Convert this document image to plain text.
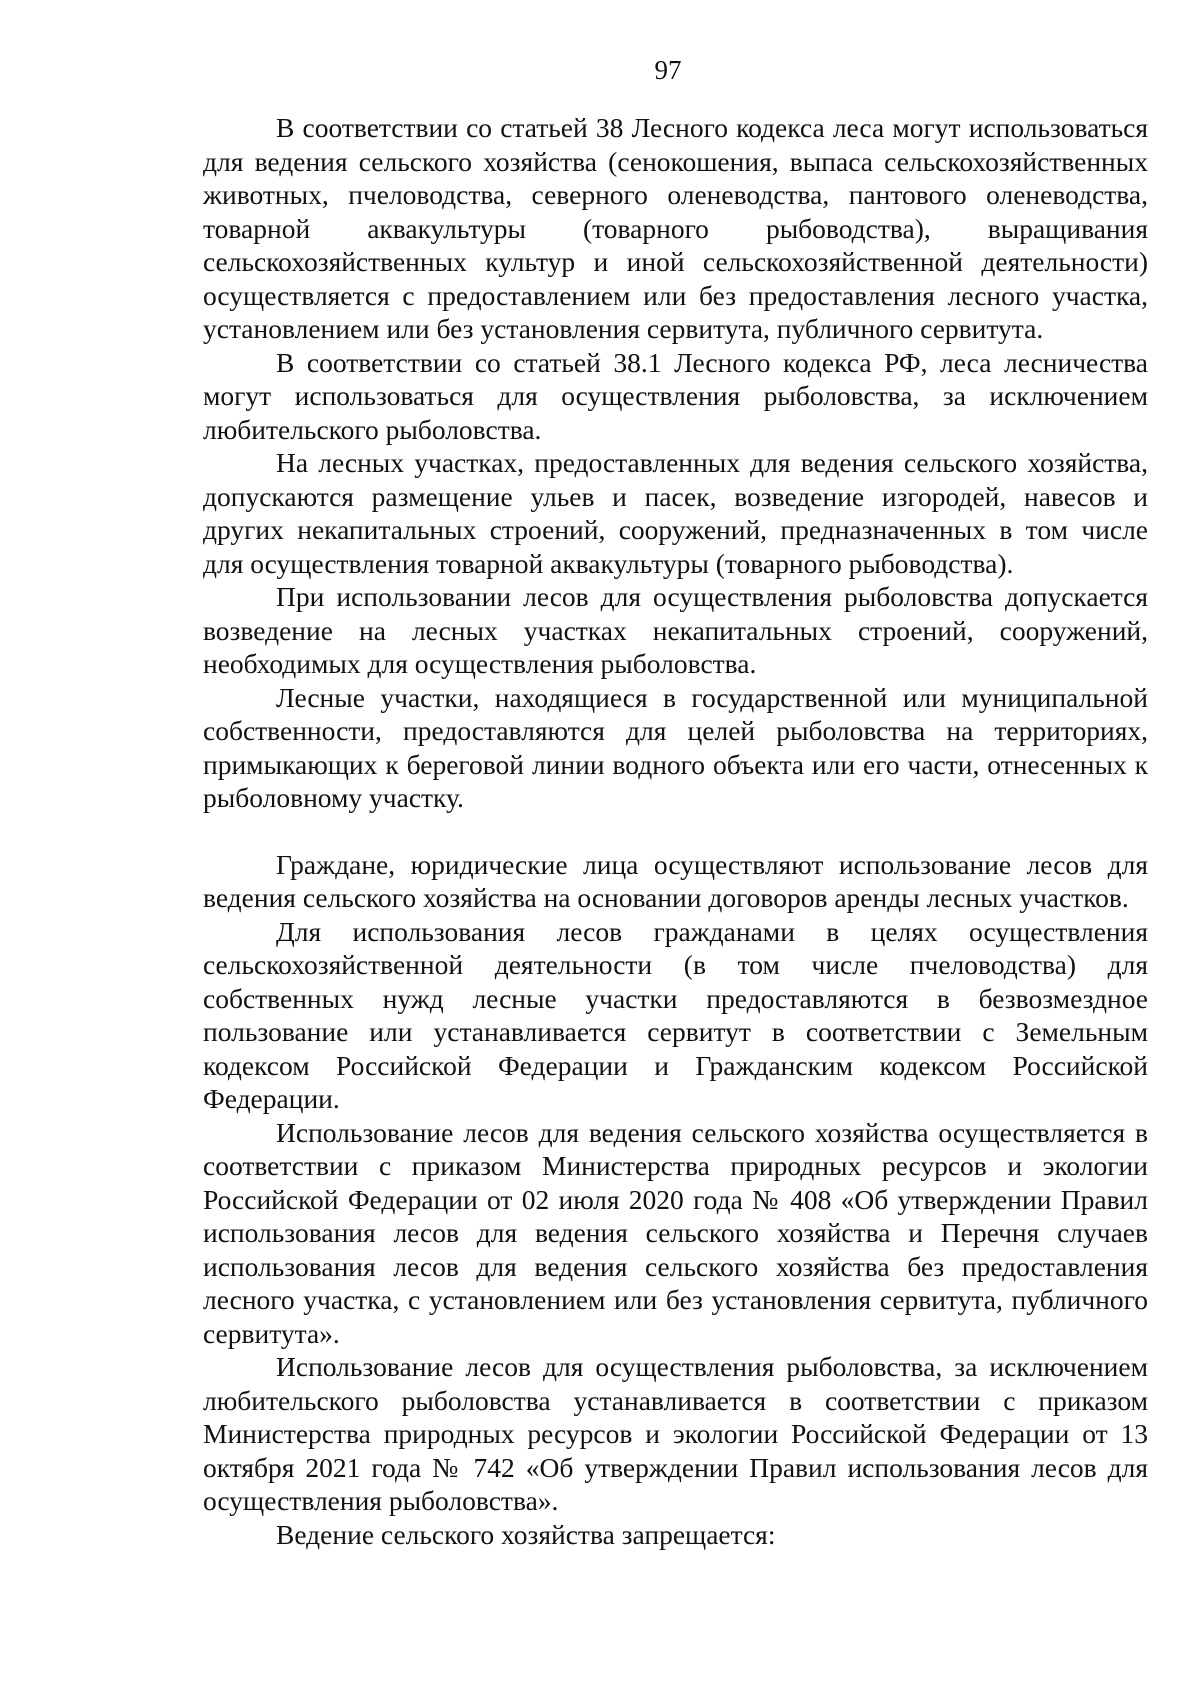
97

В соответствии со статьей 38 Лесного кодекса леса могут использоваться для ведения сельского хозяйства (сенокошения, выпаса сельскохозяйственных животных, пчеловодства, северного оленеводства, пантового оленеводства, товарной аквакультуры (товарного рыбоводства), выращивания сельскохозяйственных культур и иной сельскохозяйственной деятельности) осуществляется с предоставлением или без предоставления лесного участка, установлением или без установления сервитута, публичного сервитута.

В соответствии со статьей 38.1 Лесного кодекса РФ, леса лесничества могут использоваться для осуществления рыболовства, за исключением любительского рыболовства.

На лесных участках, предоставленных для ведения сельского хозяйства, допускаются размещение ульев и пасек, возведение изгородей, навесов и других некапитальных строений, сооружений, предназначенных в том числе для осуществления товарной аквакультуры (товарного рыбоводства).

При использовании лесов для осуществления рыболовства допускается возведение на лесных участках некапитальных строений, сооружений, необходимых для осуществления рыболовства.

Лесные участки, находящиеся в государственной или муниципальной собственности, предоставляются для целей рыболовства на территориях, примыкающих к береговой линии водного объекта или его части, отнесенных к рыболовному участку.

Граждане, юридические лица осуществляют использование лесов для ведения сельского хозяйства на основании договоров аренды лесных участков.

Для использования лесов гражданами в целях осуществления сельскохозяйственной деятельности (в том числе пчеловодства) для собственных нужд лесные участки предоставляются в безвозмездное пользование или устанавливается сервитут в соответствии с Земельным кодексом Российской Федерации и Гражданским кодексом Российской Федерации.

Использование лесов для ведения сельского хозяйства осуществляется в соответствии с приказом Министерства природных ресурсов и экологии Российской Федерации от 02 июля 2020 года № 408 «Об утверждении Правил использования лесов для ведения сельского хозяйства и Перечня случаев использования лесов для ведения сельского хозяйства без предоставления лесного участка, с установлением или без установления сервитута, публичного сервитута».

Использование лесов для осуществления рыболовства, за исключением любительского рыболовства устанавливается в соответствии с приказом Министерства природных ресурсов и экологии Российской Федерации от 13 октября 2021 года № 742 «Об утверждении Правил использования лесов для осуществления рыболовства».

Ведение сельского хозяйства запрещается:
